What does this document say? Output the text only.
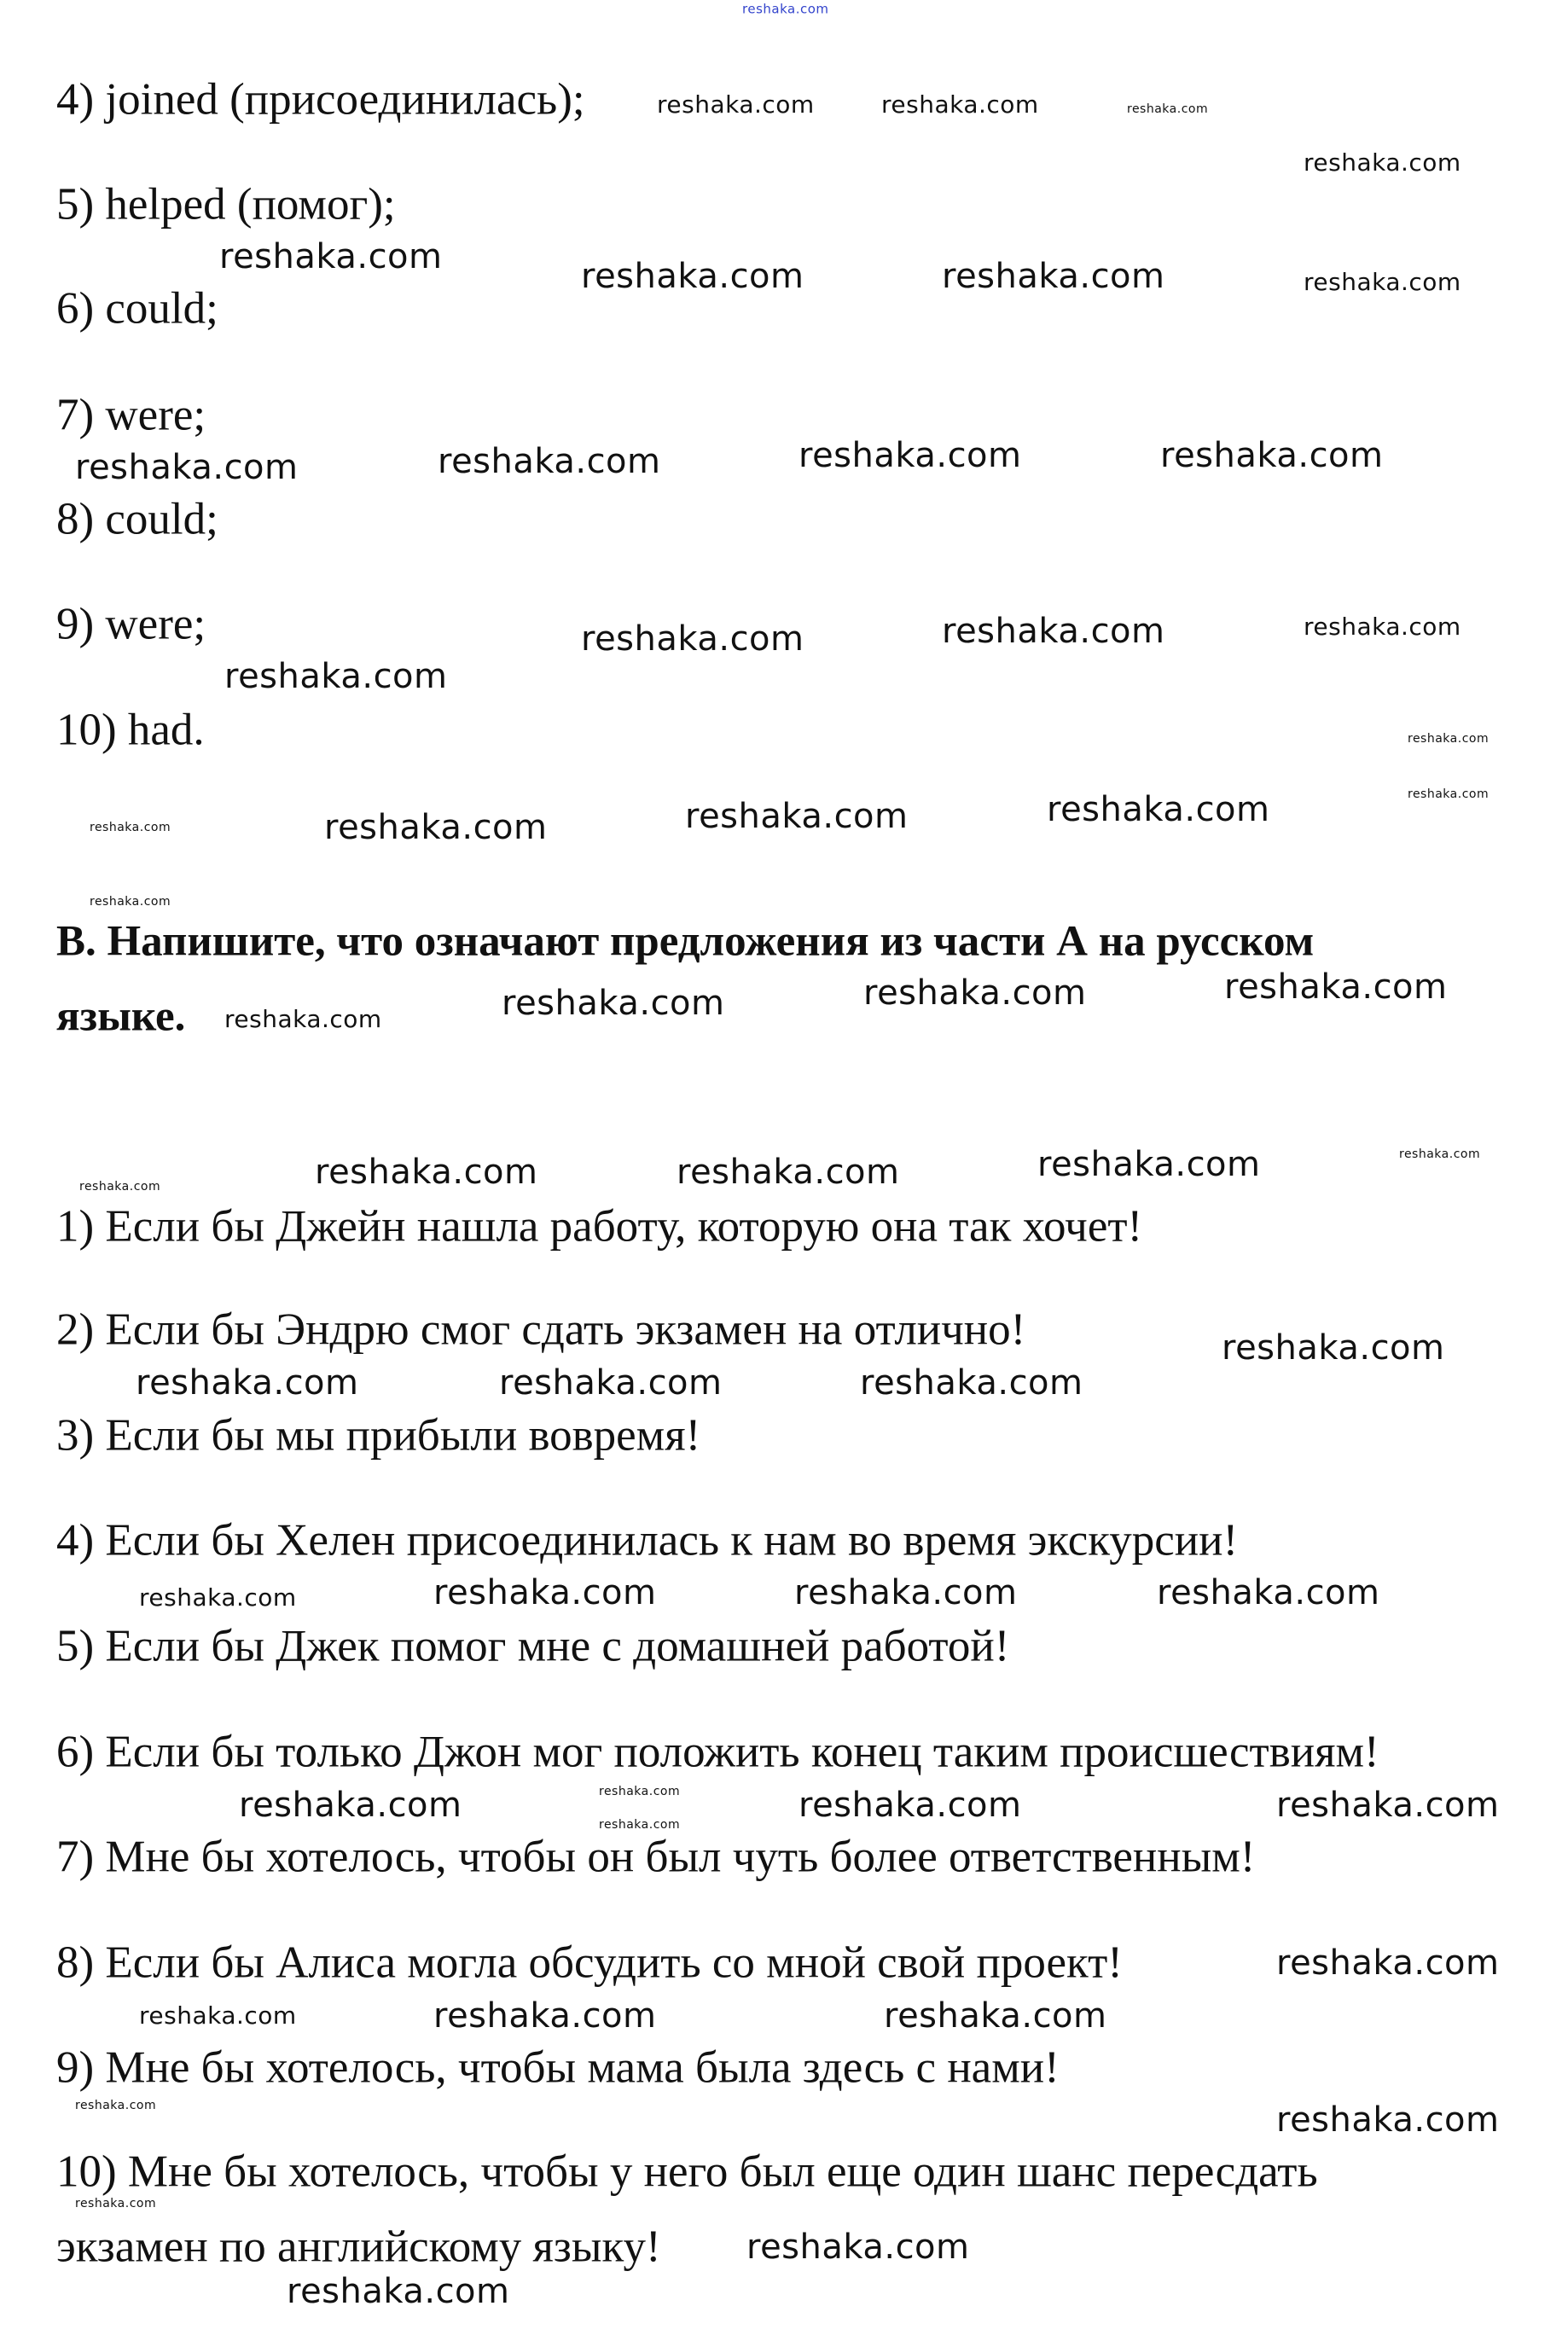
4) joined (присоединилась);
5) helped (помог);
6) could;
7) were;
8) could;
9) were;
10) had.
B. Напишите, что означают предложения из части А на русском
языке.
1) Если бы Джейн нашла работу, которую она так хочет!
2) Если бы Эндрю смог сдать экзамен на отлично!
3) Если бы мы прибыли вовремя!
4) Если бы Хелен присоединилась к нам во время экскурсии!
5) Если бы Джек помог мне с домашней работой!
6) Если бы только Джон мог положить конец таким происшествиям!
7) Мне бы хотелось, чтобы он был чуть более ответственным!
8) Если бы Алиса могла обсудить со мной свой проект!
9) Мне бы хотелось, чтобы мама была здесь с нами!
10) Мне бы хотелось, чтобы у него был еще один шанс пересдать
экзамен по английскому языку!
reshaka.com
reshaka.com	reshaka.com	reshaka.com
reshaka.com
reshaka.com	reshaka.com	reshaka.com	reshaka.com
reshaka.com	reshaka.com	reshaka.com	reshaka.com
reshaka.com
reshaka.com	reshaka.com	reshaka.com
reshaka.com
reshaka.com
reshaka.com	reshaka.com	reshaka.com	reshaka.com
reshaka.com
reshaka.com	reshaka.com	reshaka.com	reshaka.com
reshaka.com
reshaka.com	reshaka.com	reshaka.com	reshaka.com
reshaka.com	reshaka.com
reshaka.com
reshaka.com
reshaka.com	reshaka.com	reshaka.com
reshaka.com
reshaka.com	reshaka.com	reshaka.com	reshaka.com
reshaka.com
reshaka.com
reshaka.com	reshaka.com	reshaka.com
reshaka.com	reshaka.com
reshaka.com
reshaka.com
reshaka.com
